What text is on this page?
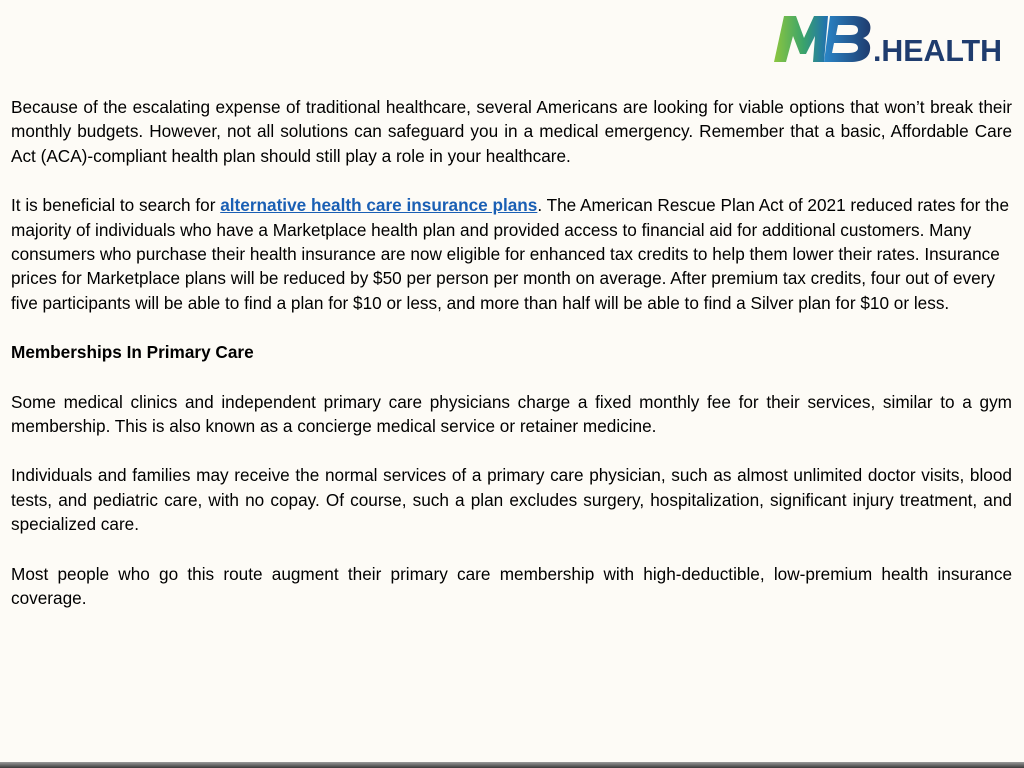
.HEALTH

Because of the escalating expense of traditional healthcare, several Americans are looking for viable options that won’t break their monthly budgets. However, not all solutions can safeguard you in a medical emergency. Remember that a basic, Affordable Care Act (ACA)-compliant health plan should still play a role in your healthcare.

It is beneficial to search for alternative health care insurance plans. The American Rescue Plan Act of 2021 reduced rates for the majority of individuals who have a Marketplace health plan and provided access to financial aid for additional customers. Many consumers who purchase their health insurance are now eligible for enhanced tax credits to help them lower their rates. Insurance prices for Marketplace plans will be reduced by $50 per person per month on average. After premium tax credits, four out of every five participants will be able to find a plan for $10 or less, and more than half will be able to find a Silver plan for $10 or less.

Memberships In Primary Care

Some medical clinics and independent primary care physicians charge a fixed monthly fee for their services, similar to a gym membership. This is also known as a concierge medical service or retainer medicine.

Individuals and families may receive the normal services of a primary care physician, such as almost unlimited doctor visits, blood tests, and pediatric care, with no copay. Of course, such a plan excludes surgery, hospitalization, significant injury treatment, and specialized care.

Most people who go this route augment their primary care membership with high-deductible, low-premium health insurance coverage.
